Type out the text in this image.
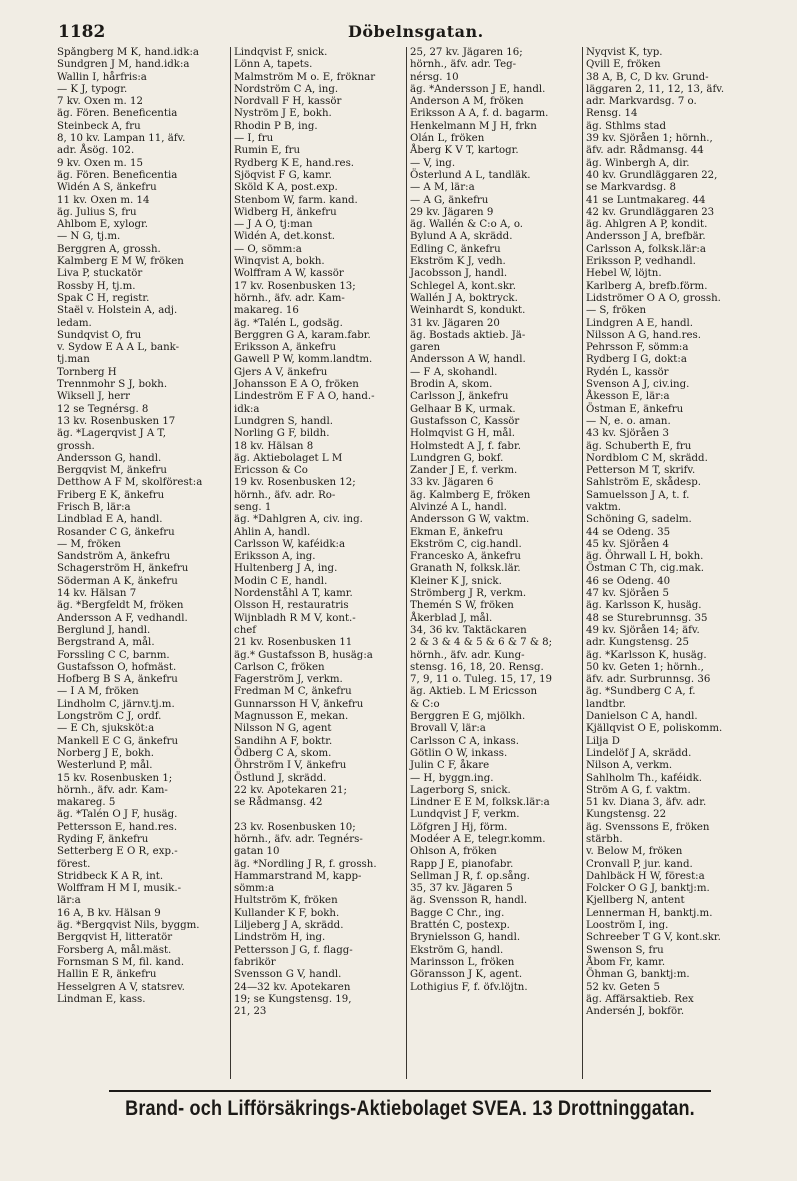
1182	Döbelnsgatan.
Spångberg M K, hand.idk:a
Sundgren J M, hand.idk:a
Wallin I, hårfris:a
— K J, typogr.
7 kv. Oxen m. 12
äg. Fören. Beneficentia
Steinbeck A, fru
8, 10 kv. Lampan 11, äfv.
adr. Åsög. 102.
9 kv. Oxen m. 15
äg. Fören. Beneficentia
Widén A S, änkefru
11 kv. Oxen m. 14
äg. Julius S, fru
Ahlbom E, xylogr.
— N G, tj.m.
Berggren A, grossh.
Kalmberg E M W, fröken
Liva P, stuckatör
Rossby H, tj.m.
Spak C H, registr.
Staël v. Holstein A, adj.
ledam.
Sundqvist O, fru
v. Sydow E A A L, bank-
tj.man
Tornberg H
Trennmohr S J, bokh.
Wiksell J, herr
12 se Tegnérsg. 8
13 kv. Rosenbusken 17
äg. *Lagerqvist J A T,
grossh.
Andersson G, handl.
Bergqvist M, änkefru
Detthow A F M, skolförest:a
Friberg E K, änkefru
Frisch B, lär:a
Lindblad E A, handl.
Rosander C G, änkefru
— M, fröken
Sandström A, änkefru
Schagerström H, änkefru
Söderman A K, änkefru
14 kv. Hälsan 7
äg. *Bergfeldt M, fröken
Andersson A F, vedhandl.
Berglund J, handl.
Bergstrand A, mål.
Forssling C C, barnm.
Gustafsson O, hofmäst.
Hofberg B S A, änkefru
— I A M, fröken
Lindholm C, järnv.tj.m.
Longström C J, ordf.
— E Ch, sjuksköt:a
Mankell E C G, änkefru
Norberg J E, bokh.
Westerlund P, mål.
15 kv. Rosenbusken 1;
hörnh., äfv. adr. Kam-
makareg. 5
äg. *Talén O J F, husäg.
Pettersson E, hand.res.
Ryding F, änkefru
Setterberg E O R, exp.-
förest.
Stridbeck K A R, int.
Wolffram H M I, musik.-
lär:a
16 A, B kv. Hälsan 9
äg. *Bergqvist Nils, byggm.
Bergqvist H, litteratör
Forsberg A, mål.mäst.
Fornsman S M, fil. kand.
Hallin E R, änkefru
Hesselgren A V, statsrev.
Lindman E, kass.
Lindqvist F, snick.
Lönn A, tapets.
Malmström M o. E, fröknar
Nordström C A, ing.
Nordvall F H, kassör
Nyström J E, bokh.
Rhodin P B, ing.
— I, fru
Rumin E, fru
Rydberg K E, hand.res.
Sjöqvist F G, kamr.
Sköld K A, post.exp.
Stenbom W, farm. kand.
Widberg H, änkefru
— J A O, tj:man
Widén A, det.konst.
— O, sömm:a
Winqvist A, bokh.
Wolffram A W, kassör
17 kv. Rosenbusken 13;
hörnh., äfv. adr. Kam-
makareg. 16
äg. *Talén L, godsäg.
Berggren G A, karam.fabr.
Eriksson A, änkefru
Gawell P W, komm.landtm.
Gjers A V, änkefru
Johansson E A O, fröken
Lindeström E F A O, hand.-
idk:a
Lundgren S, handl.
Norling G F, bildh.
18 kv. Hälsan 8
äg. Aktiebolaget L M
Ericsson & Co
19 kv. Rosenbusken 12;
hörnh., äfv. adr. Ro-
seng. 1
äg. *Dahlgren A, civ. ing.
Ahlin A, handl.
Carlsson W, kaféidk:a
Eriksson A, ing.
Hultenberg J A, ing.
Modin C E, handl.
Nordenståhl A T, kamr.
Olsson H, restauratris
Wijnbladh R M V, kont.-
chef
21 kv. Rosenbusken 11
äg.* Gustafsson B, husäg:a
Carlson C, fröken
Fagerström J, verkm.
Fredman M C, änkefru
Gunnarsson H V, änkefru
Magnusson E, mekan.
Nilsson N G, agent
Sandihn A F, boktr.
Ödberg C A, skom.
Öhrström I V, änkefru
Östlund J, skrädd.
22 kv. Apotekaren 21;
se Rådmansg. 42
23 kv. Rosenbusken 10;
hörnh., äfv. adr. Tegnérs-
gatan 10
äg. *Nordling J R, f. grossh.
Hammarstrand M, kapp-
sömm:a
Hultström K, fröken
Kullander K F, bokh.
Liljeberg J A, skrädd.
Lindström H, ing.
Pettersson J G, f. flagg-
fabrikör
Svensson G V, handl.
24—32 kv. Apotekaren
19; se Kungstensg. 19,
21, 23
25, 27 kv. Jägaren 16;
hörnh., äfv. adr. Teg-
nérsg. 10
äg. *Andersson J E, handl.
Anderson A M, fröken
Eriksson A A, f. d. bagarm.
Henkelmann M J H, frkn
Olán L, fröken
Åberg K V T, kartogr.
— V, ing.
Österlund A L, tandläk.
— A M, lär:a
— A G, änkefru
29 kv. Jägaren 9
äg. Wallén & C:o A, o.
Bylund A A, skrädd.
Edling C, änkefru
Ekström K J, vedh.
Jacobsson J, handl.
Schlegel A, kont.skr.
Wallén J A, boktryck.
Weinhardt S, kondukt.
31 kv. Jägaren 20
äg. Bostads aktieb. Jä-
garen
Andersson A W, handl.
— F A, skohandl.
Brodin A, skom.
Carlsson J, änkefru
Gelhaar B K, urmak.
Gustafsson C, Kassör
Holmqvist G H, mål.
Holmstedt A J, f. fabr.
Lundgren G, bokf.
Zander J E, f. verkm.
33 kv. Jägaren 6
äg. Kalmberg E, fröken
Alvinzé A L, handl.
Andersson G W, vaktm.
Ekman E, änkefru
Ekström C, cig.handl.
Francesko A, änkefru
Granath N, folksk.lär.
Kleiner K J, snick.
Strömberg J R, verkm.
Themén S W, fröken
Åkerblad J, mål.
34, 36 kv. Taktäckaren
2 & 3 & 4 & 5 & 6 & 7 & 8;
hörnh., äfv. adr. Kung-
stensg. 16, 18, 20. Rensg.
7, 9, 11 o. Tuleg. 15, 17, 19
äg. Aktieb. L M Ericsson
& C:o
Berggren E G, mjölkh.
Brovall V, lär:a
Carlsson C A, inkass.
Götlin O W, inkass.
Julin C F, åkare
— H, byggn.ing.
Lagerborg S, snick.
Lindner E E M, folksk.lär:a
Lundqvist J F, verkm.
Löfgren J Hj, förm.
Modéer A E, telegr.komm.
Ohlson A, fröken
Rapp J E, pianofabr.
Sellman J R, f. op.sång.
35, 37 kv. Jägaren 5
äg. Svensson R, handl.
Bagge C Chr., ing.
Brattén C, postexp.
Brynielsson G, handl.
Ekström G, handl.
Marinsson L, fröken
Göransson J K, agent.
Lothigius F, f. öfv.löjtn.
Nyqvist K, typ.
Qvill E, fröken
38 A, B, C, D kv. Grund-
läggaren 2, 11, 12, 13, äfv.
adr. Markvardsg. 7 o.
Rensg. 14
äg. Sthlms stad
39 kv. Sjöråen 1; hörnh.,
äfv. adr. Rådmansg. 44
äg. Winbergh A, dir.
40 kv. Grundläggaren 22,
se Markvardsg. 8
41 se Luntmakareg. 44
42 kv. Grundläggaren 23
äg. Ahlgren A P, kondit.
Andersson J A, brefbär.
Carlsson A, folksk.lär:a
Eriksson P, vedhandl.
Hebel W, löjtn.
Karlberg A, brefb.förm.
Lidströmer O A O, grossh.
— S, fröken
Lindgren A E, handl.
Nilsson A G, hand.res.
Pehrsson F, sömm:a
Rydberg I G, dokt:a
Rydén L, kassör
Svenson A J, civ.ing.
Åkesson E, lär:a
Östman E, änkefru
— N, e. o. aman.
43 kv. Sjöråen 3
äg. Schuberth E, fru
Nordblom C M, skrädd.
Petterson M T, skrifv.
Sahlström E, skådesp.
Samuelsson J A, t. f.
vaktm.
Schöning G, sadelm.
44 se Odeng. 35
45 kv. Sjöråen 4
äg. Öhrwall L H, bokh.
Östman C Th, cig.mak.
46 se Odeng. 40
47 kv. Sjöråen 5
äg. Karlsson K, husäg.
48 se Sturebrunnsg. 35
49 kv. Sjöråen 14; äfv.
adr. Kungstensg. 25
äg. *Karlsson K, husäg.
50 kv. Geten 1; hörnh.,
äfv. adr. Surbrunnsg. 36
äg. *Sundberg C A, f.
landtbr.
Danielson C A, handl.
Kjällqvist O E, poliskomm.
Lilja D
Lindelöf J A, skrädd.
Nilson A, verkm.
Sahlholm Th., kaféidk.
Ström A G, f. vaktm.
51 kv. Diana 3, äfv. adr.
Kungstensg. 22
äg. Svenssons E, fröken
stärbh.
v. Below M, fröken
Cronvall P, jur. kand.
Dahlbäck H W, förest:a
Folcker O G J, banktj:m.
Kjellberg N, antent
Lennerman H, banktj.m.
Looström I, ing.
Schreeber T G V, kont.skr.
Swenson S, fru
Åbom Fr, kamr.
Öhman G, banktj:m.
52 kv. Geten 5
äg. Affärsaktieb. Rex
Andersén J, bokför.
Brand- och Lifförsäkrings-Aktiebolaget SVEA. 13 Drottninggatan.
